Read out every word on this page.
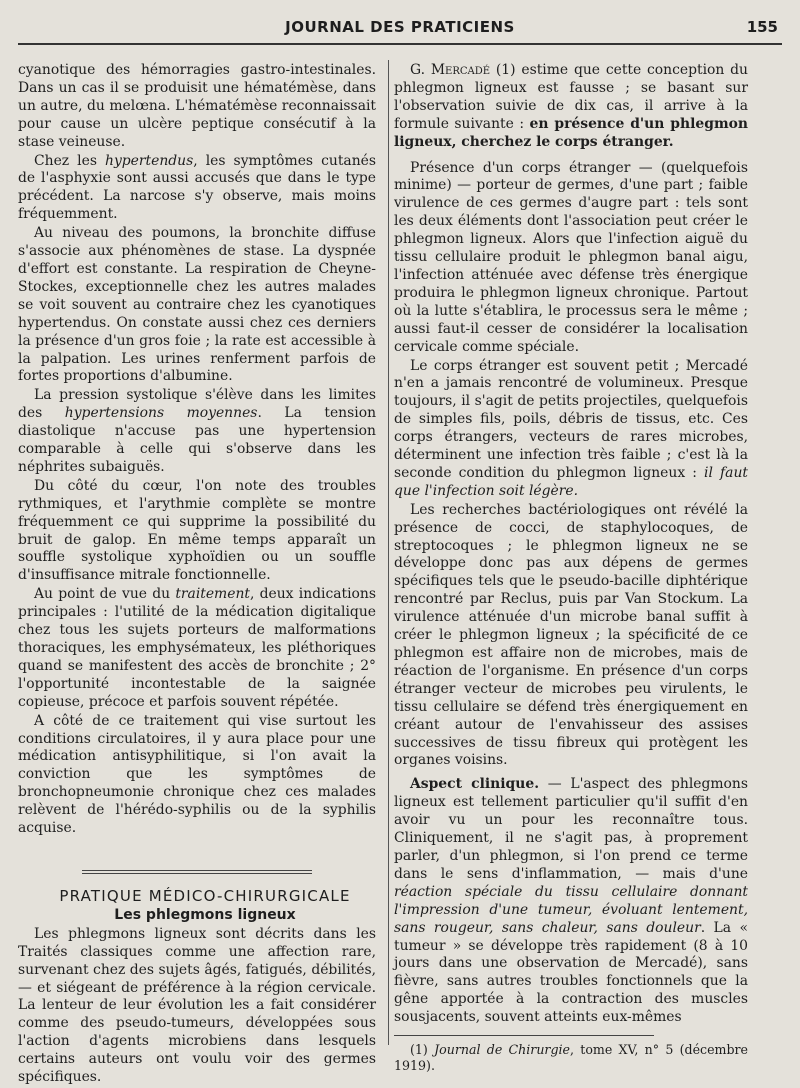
JOURNAL DES PRATICIENS	155

cyanotique des hémorragies gastro-intestinales. Dans un cas il se produisit une hématémèse, dans un autre, du melœna. L'hématémèse reconnaissait pour cause un ulcère peptique consécutif à la stase veineuse.

Chez les hypertendus, les symptômes cutanés de l'asphyxie sont aussi accusés que dans le type précédent. La narcose s'y observe, mais moins fréquemment.

Au niveau des poumons, la bronchite diffuse s'associe aux phénomènes de stase. La dyspnée d'effort est constante. La respiration de Cheyne-Stockes, exceptionnelle chez les autres malades se voit souvent au contraire chez les cyanotiques hypertendus. On constate aussi chez ces derniers la présence d'un gros foie ; la rate est accessible à la palpation. Les urines renferment parfois de fortes proportions d'albumine.

La pression systolique s'élève dans les limites des hypertensions moyennes. La tension diastolique n'accuse pas une hypertension comparable à celle qui s'observe dans les néphrites subaiguës.

Du côté du cœur, l'on note des troubles rythmiques, et l'arythmie complète se montre fréquemment ce qui supprime la possibilité du bruit de galop. En même temps apparaît un souffle systolique xyphoïdien ou un souffle d'insuffisance mitrale fonctionnelle.

Au point de vue du traitement, deux indications principales : l'utilité de la médication digitalique chez tous les sujets porteurs de malformations thoraciques, les emphysémateux, les pléthoriques quand se manifestent des accès de bronchite ; 2° l'opportunité incontestable de la saignée copieuse, précoce et parfois souvent répétée.

A côté de ce traitement qui vise surtout les conditions circulatoires, il y aura place pour une médication antisyphilitique, si l'on avait la conviction que les symptômes de bronchopneumonie chronique chez ces malades relèvent de l'hérédo-syphilis ou de la syphilis acquise.

PRATIQUE MÉDICO-CHIRURGICALE

Les phlegmons ligneux

Les phlegmons ligneux sont décrits dans les Traités classiques comme une affection rare, survenant chez des sujets âgés, fatigués, débilités, — et siégeant de préférence à la région cervicale. La lenteur de leur évolution les a fait considérer comme des pseudo-tumeurs, développées sous l'action d'agents microbiens dans lesquels certains auteurs ont voulu voir des germes spécifiques.

G. Mercadé (1) estime que cette conception du phlegmon ligneux est fausse ; se basant sur l'observation suivie de dix cas, il arrive à la formule suivante : en présence d'un phlegmon ligneux, cherchez le corps étranger.

Présence d'un corps étranger — (quelquefois minime) — porteur de germes, d'une part ; faible virulence de ces germes d'augre part : tels sont les deux éléments dont l'association peut créer le phlegmon ligneux. Alors que l'infection aiguë du tissu cellulaire produit le phlegmon banal aigu, l'infection atténuée avec défense très énergique produira le phlegmon ligneux chronique. Partout où la lutte s'établira, le processus sera le même ; aussi faut-il cesser de considérer la localisation cervicale comme spéciale.

Le corps étranger est souvent petit ; Mercadé n'en a jamais rencontré de volumineux. Presque toujours, il s'agit de petits projectiles, quelquefois de simples fils, poils, débris de tissus, etc. Ces corps étrangers, vecteurs de rares microbes, déterminent une infection très faible ; c'est là la seconde condition du phlegmon ligneux : il faut que l'infection soit légère.

Les recherches bactériologiques ont révélé la présence de cocci, de staphylocoques, de streptocoques ; le phlegmon ligneux ne se développe donc pas aux dépens de germes spécifiques tels que le pseudo-bacille diphtérique rencontré par Reclus, puis par Van Stockum. La virulence atténuée d'un microbe banal suffit à créer le phlegmon ligneux ; la spécificité de ce phlegmon est affaire non de microbes, mais de réaction de l'organisme. En présence d'un corps étranger vecteur de microbes peu virulents, le tissu cellulaire se défend très énergiquement en créant autour de l'envahisseur des assises successives de tissu fibreux qui protègent les organes voisins.

Aspect clinique. — L'aspect des phlegmons ligneux est tellement particulier qu'il suffit d'en avoir vu un pour les reconnaître tous. Cliniquement, il ne s'agit pas, à proprement parler, d'un phlegmon, si l'on prend ce terme dans le sens d'inflammation, — mais d'une réaction spéciale du tissu cellulaire donnant l'impression d'une tumeur, évoluant lentement, sans rougeur, sans chaleur, sans douleur. La « tumeur » se développe très rapidement (8 à 10 jours dans une observation de Mercadé), sans fièvre, sans autres troubles fonctionnels que la gêne apportée à la contraction des muscles sousjacents, souvent atteints eux-mêmes

(1) Journal de Chirurgie, tome XV, n° 5 (décembre 1919).
